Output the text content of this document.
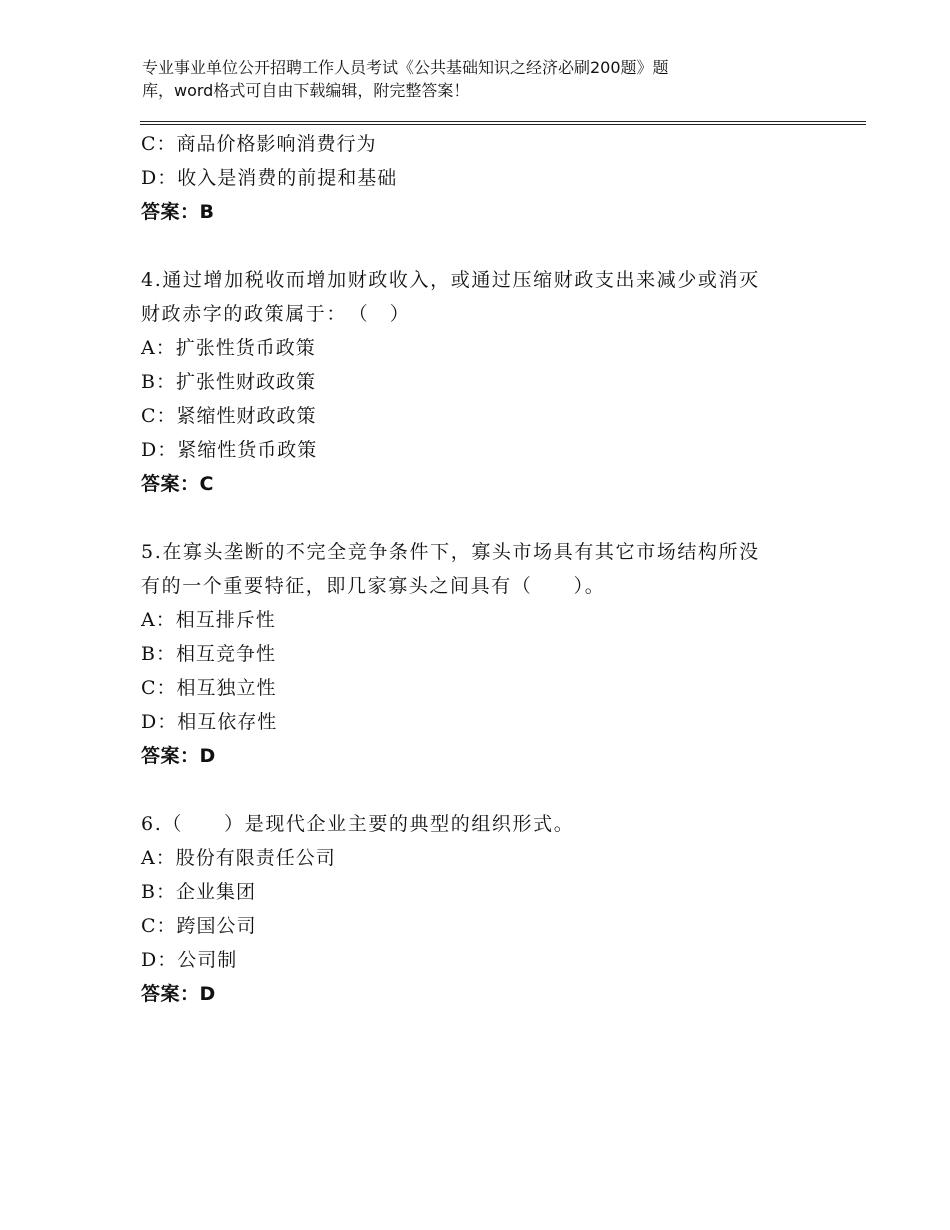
专业事业单位公开招聘工作人员考试《公共基础知识之经济必刷200题》题
库，word格式可自由下载编辑，附完整答案！
C：商品价格影响消费行为
D：收入是消费的前提和基础
答案：B
4.通过增加税收而增加财政收入，或通过压缩财政支出来减少或消灭
财政赤字的政策属于：　（　）
A：扩张性货币政策
B：扩张性财政政策
C：紧缩性财政政策
D：紧缩性货币政策
答案：C
5.在寡头垄断的不完全竞争条件下，寡头市场具有其它市场结构所没
有的一个重要特征，即几家寡头之间具有（　　）。
A：相互排斥性
B：相互竞争性
C：相互独立性
D：相互依存性
答案：D
6.（　　）是现代企业主要的典型的组织形式。
A：股份有限责任公司
B：企业集团
C：跨国公司
D：公司制
答案：D
